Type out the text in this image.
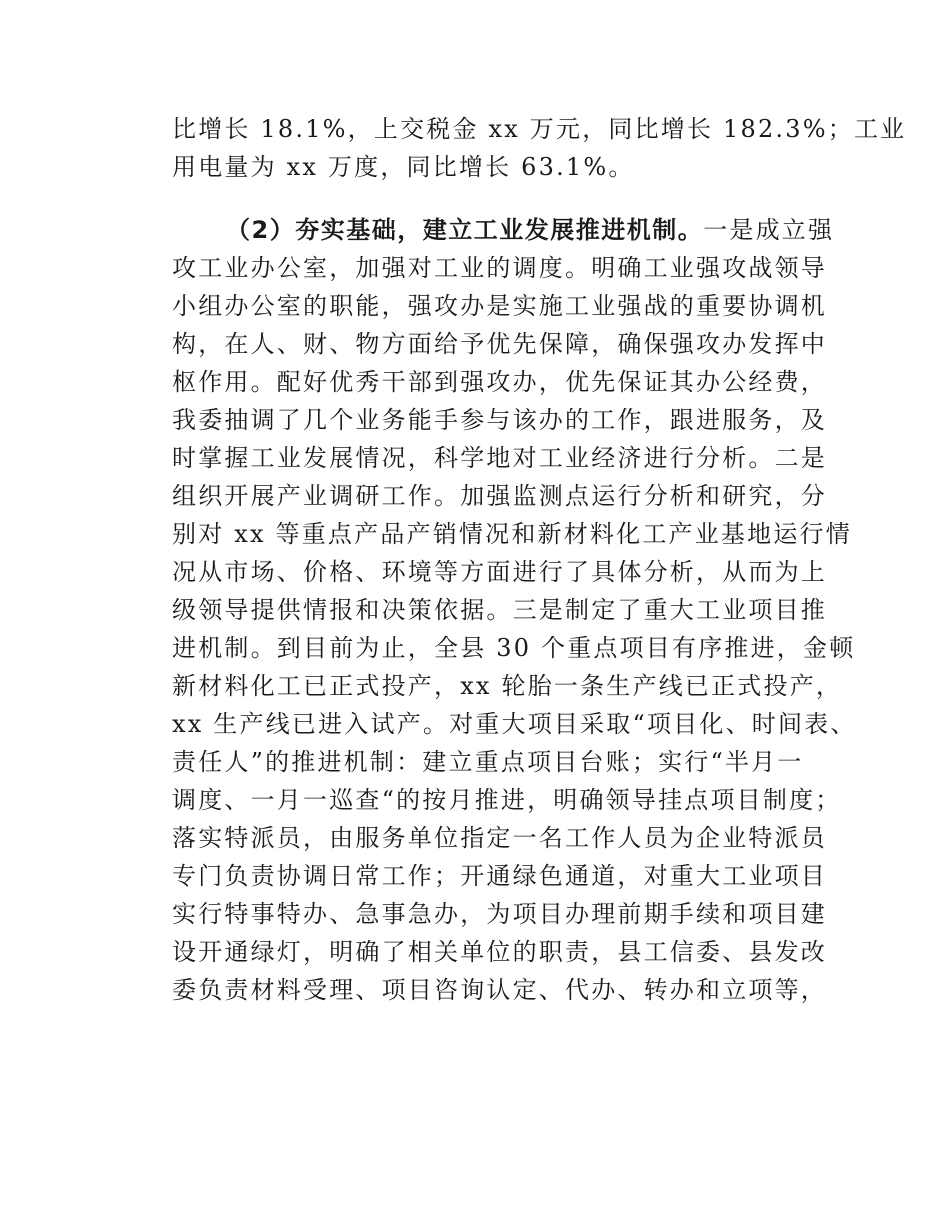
比增长 18.1%，上交税金 xx 万元，同比增长 182.3%；工业
用电量为 xx 万度，同比增长 63.1%。
（2）夯实基础，建立工业发展推进机制。一是成立强
攻工业办公室，加强对工业的调度。明确工业强攻战领导
小组办公室的职能，强攻办是实施工业强战的重要协调机
构，在人、财、物方面给予优先保障，确保强攻办发挥中
枢作用。配好优秀干部到强攻办，优先保证其办公经费，
我委抽调了几个业务能手参与该办的工作，跟进服务，及
时掌握工业发展情况，科学地对工业经济进行分析。二是
组织开展产业调研工作。加强监测点运行分析和研究，分
别对 xx 等重点产品产销情况和新材料化工产业基地运行情
况从市场、价格、环境等方面进行了具体分析，从而为上
级领导提供情报和决策依据。三是制定了重大工业项目推
进机制。到目前为止，全县 30 个重点项目有序推进，金顿
新材料化工已正式投产，xx 轮胎一条生产线已正式投产，
xx 生产线已进入试产。对重大项目采取“项目化、时间表、
责任人”的推进机制：建立重点项目台账；实行“半月一
调度、一月一巡查“的按月推进，明确领导挂点项目制度；
落实特派员，由服务单位指定一名工作人员为企业特派员
专门负责协调日常工作；开通绿色通道，对重大工业项目
实行特事特办、急事急办，为项目办理前期手续和项目建
设开通绿灯，明确了相关单位的职责，县工信委、县发改
委负责材料受理、项目咨询认定、代办、转办和立项等，
